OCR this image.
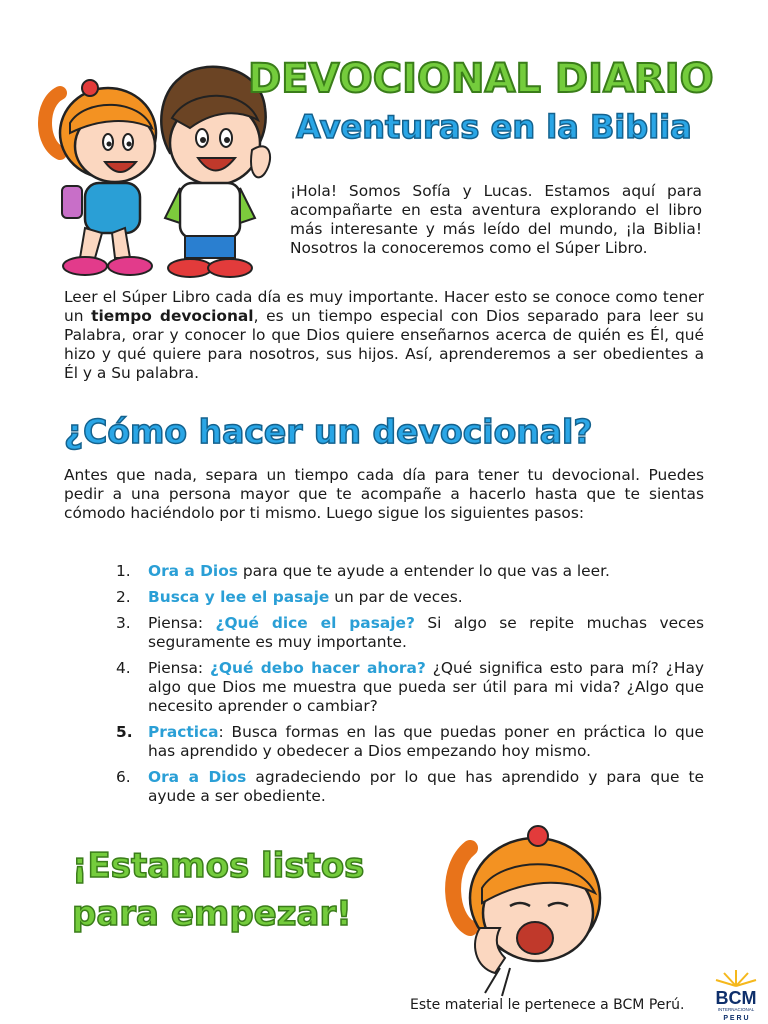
DEVOCIONAL DIARIO
Aventuras en la Biblia
¡Hola! Somos Sofía y Lucas. Estamos aquí para acompañarte en esta aventura explorando el libro más interesante y más leído del mundo, ¡la Biblia! Nosotros la conoceremos como el Súper Libro.
Leer el Súper Libro cada día es muy importante. Hacer esto se conoce como tener un tiempo devocional, es un tiempo especial con Dios separado para leer su Palabra, orar y conocer lo que Dios quiere enseñarnos acerca de quién es Él, qué hizo y qué quiere para nosotros, sus hijos. Así, aprenderemos a ser obedientes a Él y a Su palabra.
¿Cómo hacer un devocional?
Antes que nada, separa un tiempo cada día para tener tu devocional. Puedes pedir a una persona mayor que te acompañe a hacerlo hasta que te sientas cómodo haciéndolo por ti mismo. Luego sigue los siguientes pasos:
1. Ora a Dios para que te ayude a entender lo que vas a leer.
2. Busca y lee el pasaje un par de veces.
3. Piensa: ¿Qué dice el pasaje? Si algo se repite muchas veces seguramente es muy importante.
4. Piensa: ¿Qué debo hacer ahora? ¿Qué significa esto para mí? ¿Hay algo que Dios me muestra que pueda ser útil para mi vida? ¿Algo que necesito aprender o cambiar?
5. Practica: Busca formas en las que puedas poner en práctica lo que has aprendido y obedecer a Dios empezando hoy mismo.
6. Ora a Dios agradeciendo por lo que has aprendido y para que te ayude a ser obediente.
¡Estamos listos
para empezar!
Este material le pertenece a BCM Perú. BCM
INTERNACIONAL
P E R U
